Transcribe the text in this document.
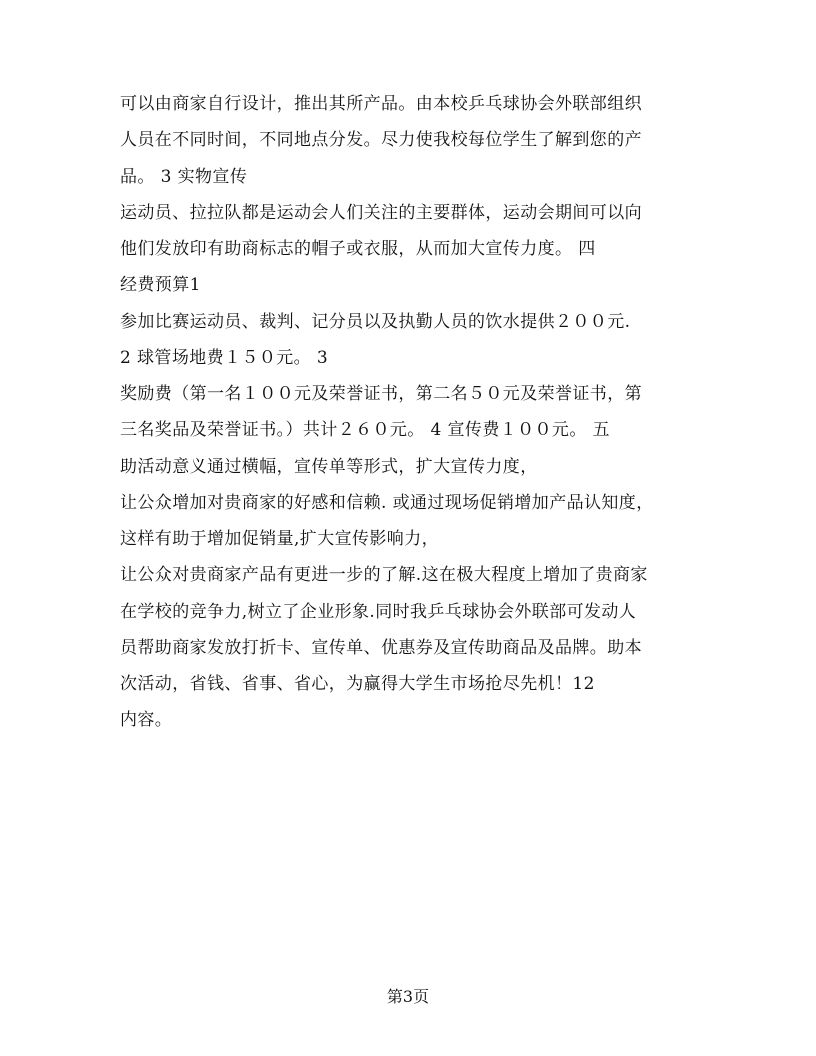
可以由商家自行设计，推出其所产品。由本校乒乓球协会外联部组织
人员在不同时间，不同地点分发。尽力使我校每位学生了解到您的产
品。 3 实物宣传
运动员、拉拉队都是运动会人们关注的主要群体，运动会期间可以向
他们发放印有助商标志的帽子或衣服，从而加大宣传力度。 四
经费预算1
参加比赛运动员、裁判、记分员以及执勤人员的饮水提供２００元.
2 球管场地费１５０元。 3
奖励费（第一名１００元及荣誉证书，第二名５０元及荣誉证书，第
三名奖品及荣誉证书。）共计２６０元。 4 宣传费１００元。 五
助活动意义通过横幅，宣传单等形式，扩大宣传力度，
让公众增加对贵商家的好感和信赖. 或通过现场促销增加产品认知度，
这样有助于增加促销量,扩大宣传影响力，
让公众对贵商家产品有更进一步的了解.这在极大程度上增加了贵商家
在学校的竞争力,树立了企业形象.同时我乒乓球协会外联部可发动人
员帮助商家发放打折卡、宣传单、优惠券及宣传助商品及品牌。助本
次活动，省钱、省事、省心，为赢得大学生市场抢尽先机！12
内容。
第3页
